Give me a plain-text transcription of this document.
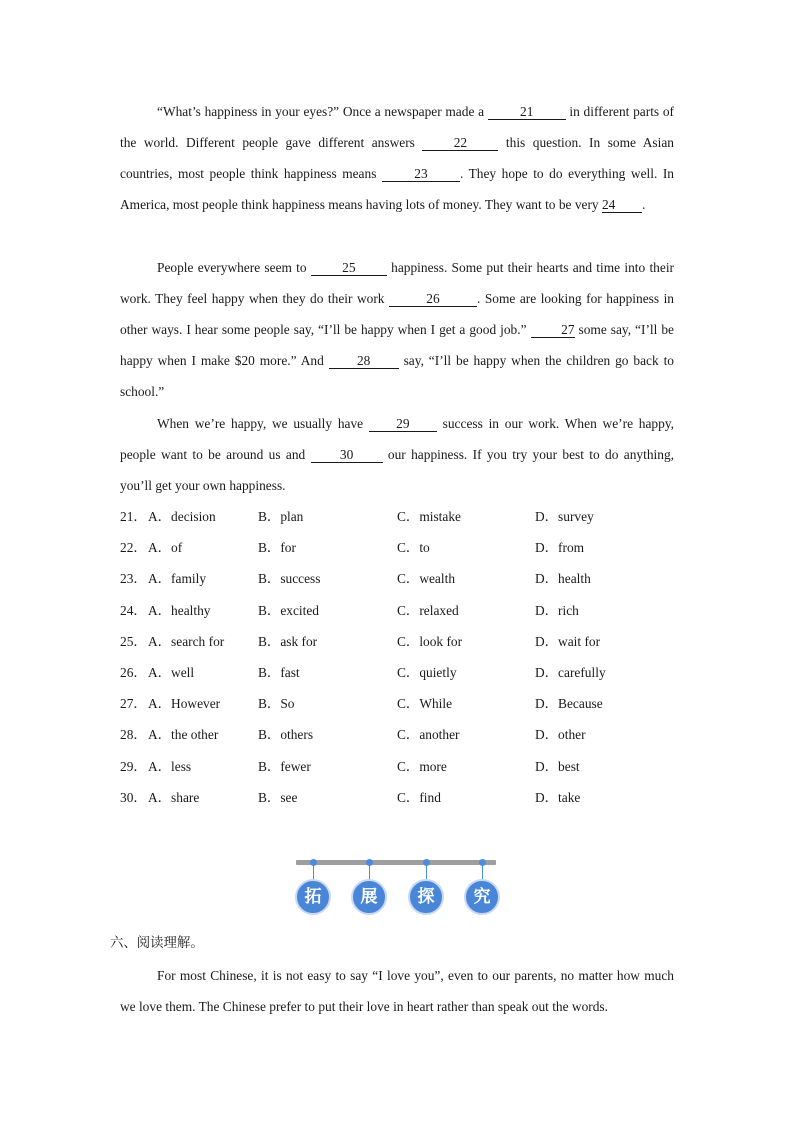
“What’s happiness in your eyes?” Once a newspaper made a 21 in different parts of the world. Different people gave different answers 22 this question. In some Asian countries, most people think happiness means 23 . They hope to do everything well. In America, most people think happiness means having lots of money. They want to be very 24 .

People everywhere seem to 25 happiness. Some put their hearts and time into their work. They feel happy when they do their work	26	. Some are looking for happiness in other ways. I hear some people say, “I’ll be happy when I get a good job.” 27 some say, “I’ll be happy when I make $20 more.” And 28 say, “I’ll be happy when the children go back to school.”

When we’re happy, we usually have 29 success in our work. When we’re happy, people want to be around us and 30 our happiness. If you try your best to do anything, you’ll get your own happiness.

21． A．decision	B．plan	C．mistake	D．survey
22． A．of	B．for	C．to	D．from
23． A．family	B．success	C．wealth	D．health
24． A．healthy	B．excited	C．relaxed	D．rich
25． A．search for	B．ask for	C．look for	D．wait for
26． A．well	B．fast	C．quietly	D．carefully
27． A．However	B．So	C．While	D．Because
28． A．the other	B．others	C．another	D．other
29． A．less	B．fewer	C．more	D．best
30． A．share	B．see	C．find	D．take
拓	展	探	究

六、阅读理解。

For most Chinese, it is not easy to say “I love you”, even to our parents, no matter how much we love them. The Chinese prefer to put their love in heart rather than speak out the words.
